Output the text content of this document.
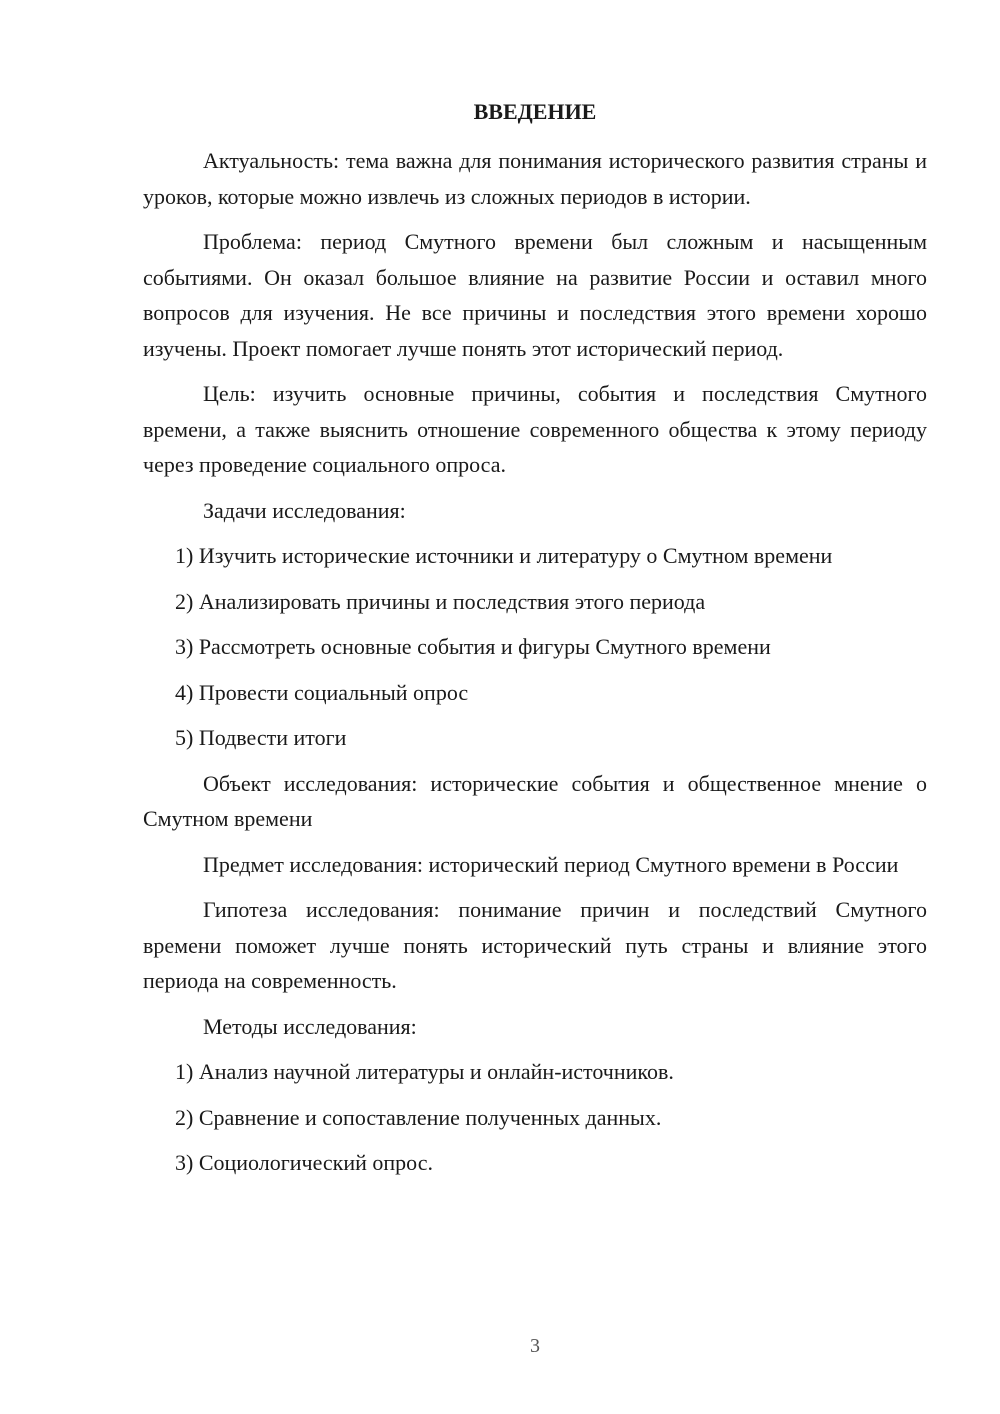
ВВЕДЕНИЕ

Актуальность: тема важна для понимания исторического развития страны и уроков, которые можно извлечь из сложных периодов в истории.

Проблема: период Смутного времени был сложным и насыщенным событиями. Он оказал большое влияние на развитие России и оставил много вопросов для изучения. Не все причины и последствия этого времени хорошо изучены. Проект помогает лучше понять этот исторический период.

Цель: изучить основные причины, события и последствия Смутного времени, а также выяснить отношение современного общества к этому периоду через проведение социального опроса.

Задачи исследования:

1) Изучить исторические источники и литературу о Смутном времени
2) Анализировать причины и последствия этого периода
3) Рассмотреть основные события и фигуры Смутного времени
4) Провести социальный опрос
5) Подвести итоги

Объект исследования: исторические события и общественное мнение о Смутном времени

Предмет исследования: исторический период Смутного времени в России

Гипотеза исследования: понимание причин и последствий Смутного времени поможет лучше понять исторический путь страны и влияние этого периода на современность.

Методы исследования:

1) Анализ научной литературы и онлайн-источников.
2) Сравнение и сопоставление полученных данных.
3) Социологический опрос.
3
